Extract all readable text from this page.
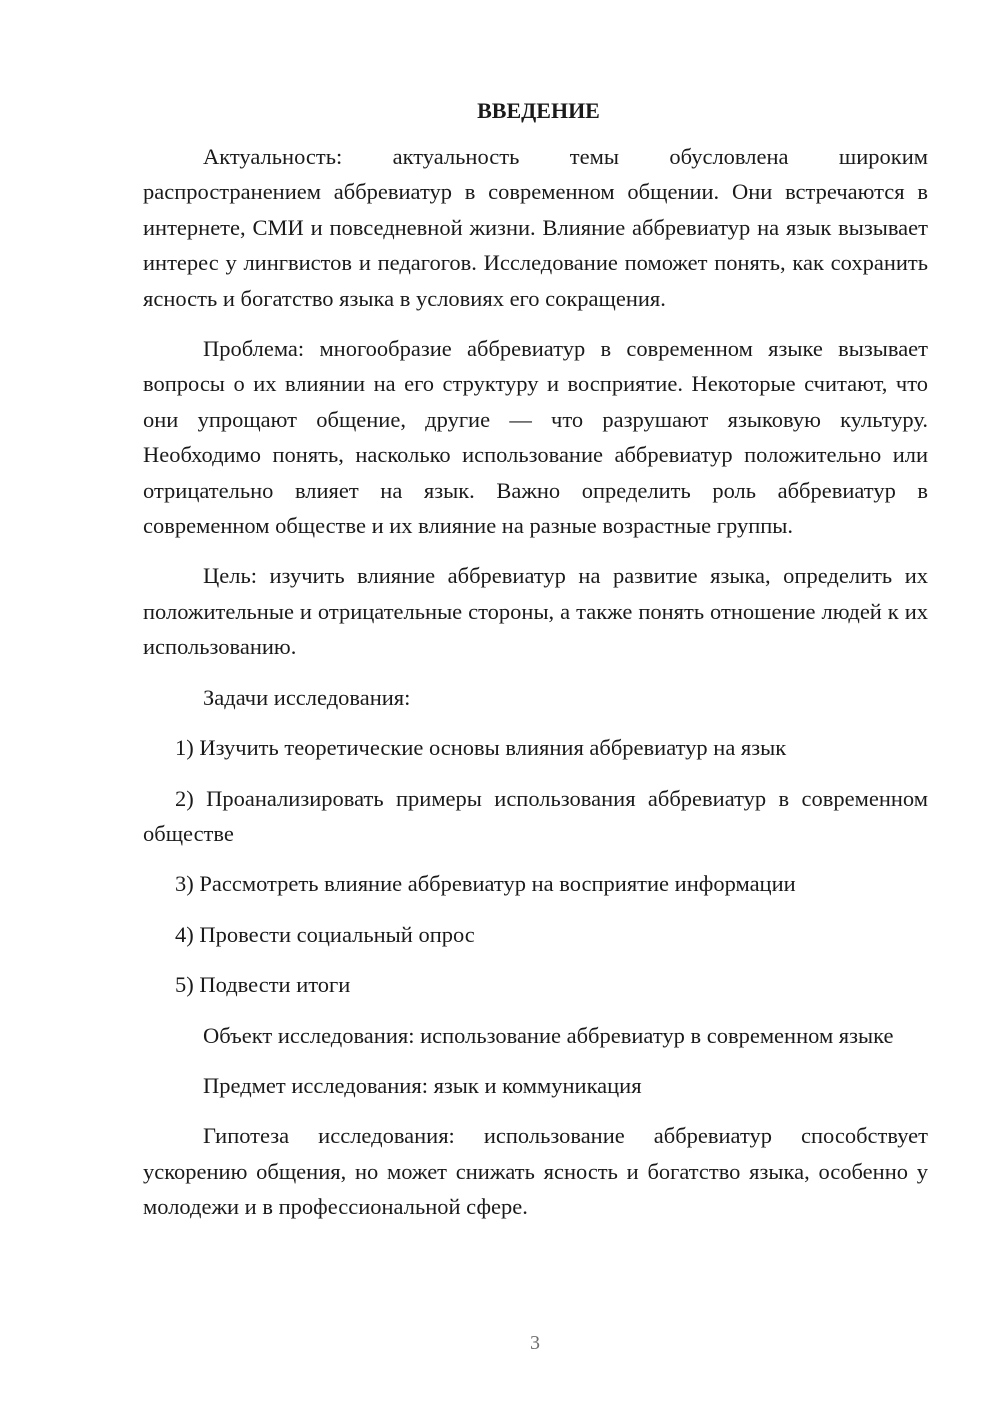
ВВЕДЕНИЕ

Актуальность: актуальность темы обусловлена широким распространением аббревиатур в современном общении. Они встречаются в интернете, СМИ и повседневной жизни. Влияние аббревиатур на язык вызывает интерес у лингвистов и педагогов. Исследование поможет понять, как сохранить ясность и богатство языка в условиях его сокращения.

Проблема: многообразие аббревиатур в современном языке вызывает вопросы о их влиянии на его структуру и восприятие. Некоторые считают, что они упрощают общение, другие — что разрушают языковую культуру. Необходимо понять, насколько использование аббревиатур положительно или отрицательно влияет на язык. Важно определить роль аббревиатур в современном обществе и их влияние на разные возрастные группы.

Цель: изучить влияние аббревиатур на развитие языка, определить их положительные и отрицательные стороны, а также понять отношение людей к их использованию.

Задачи исследования:

1) Изучить теоретические основы влияния аббревиатур на язык

2) Проанализировать примеры использования аббревиатур в современном обществе

3) Рассмотреть влияние аббревиатур на восприятие информации

4) Провести социальный опрос

5) Подвести итоги

Объект исследования: использование аббревиатур в современном языке

Предмет исследования: язык и коммуникация

Гипотеза исследования: использование аббревиатур способствует ускорению общения, но может снижать ясность и богатство языка, особенно у молодежи и в профессиональной сфере.

3
